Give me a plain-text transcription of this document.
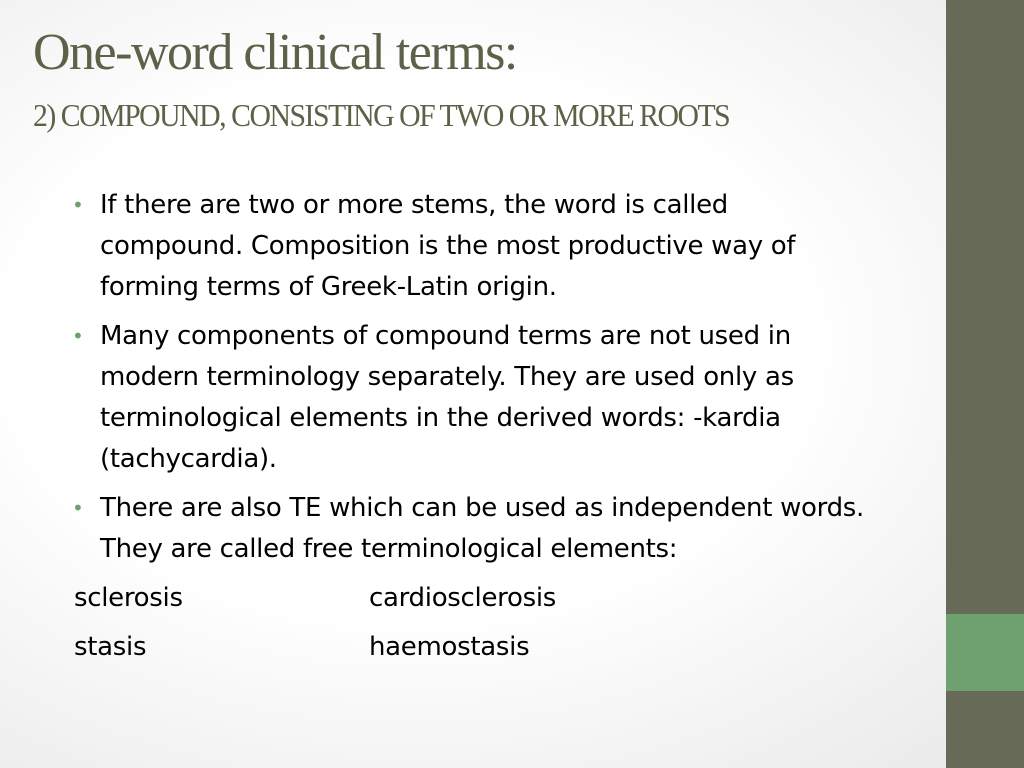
One-word clinical terms:
2) COMPOUND, CONSISTING OF TWO OR MORE ROOTS
• If there are two or more stems, the word is called compound. Composition is the most productive way of forming terms of Greek-Latin origin.
• Many components of compound terms are not used in modern terminology separately. They are used only as terminological elements in the derived words: -kardia (tachycardia).
• There are also TE which can be used as independent words. They are called free terminological elements:
sclerosis	cardiosclerosis
stasis	haemostasis
